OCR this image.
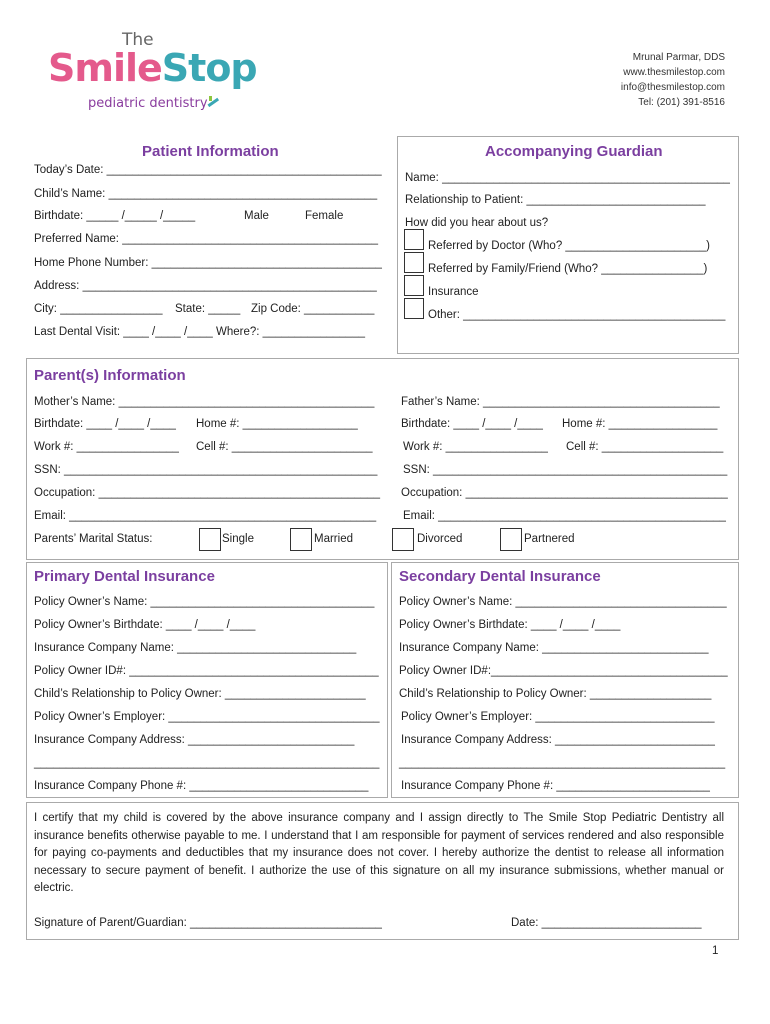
The
SmileStop
pediatric dentistry
Mrunal Parmar, DDS
www.thesmilestop.com
info@thesmilestop.com
Tel: (201) 391-8516
Patient Information
Today’s Date: ___________________________________________
Child’s Name: __________________________________________
Birthdate: _____ /_____ /_____	Male	Female
Preferred Name: ________________________________________
Home Phone Number: ____________________________________
Address: ______________________________________________
City: ________________ State: _____ Zip Code: ___________
Last Dental Visit: ____ /____ /____ Where?: ________________
Accompanying Guardian
Name: _____________________________________________
Relationship to Patient: ____________________________
How did you hear about us?
Referred by Doctor (Who? ______________________)
Referred by Family/Friend (Who? ________________)
Insurance
Other: _________________________________________
Parent(s) Information
Mother’s Name: ________________________________________ Father’s Name: _____________________________________
Birthdate: ____ /____ /____ Home #: __________________	Birthdate: ____ /____ /____ Home #: _________________
Work #: ________________ Cell #: ______________________	Work #: ________________ Cell #: ___________________
SSN: _________________________________________________ SSN: ______________________________________________
Occupation: ____________________________________________ Occupation: _________________________________________
Email: ________________________________________________ Email: _____________________________________________
Parents’ Marital Status:	Single	Married	Divorced	Partnered
Primary Dental Insurance
Policy Owner’s Name: ___________________________________
Policy Owner’s Birthdate: ____ /____ /____
Insurance Company Name: ____________________________
Policy Owner ID#: _______________________________________
Child’s Relationship to Policy Owner: ______________________
Policy Owner’s Employer: _________________________________
Insurance Company Address: __________________________
______________________________________________________
Insurance Company Phone #: ____________________________
Secondary Dental Insurance
Policy Owner’s Name: _________________________________
Policy Owner’s Birthdate: ____ /____ /____
Insurance Company Name: __________________________
Policy Owner ID#:_____________________________________
Child’s Relationship to Policy Owner: ___________________
Policy Owner’s Employer: ____________________________
Insurance Company Address: _________________________
___________________________________________________
Insurance Company Phone #: ________________________
I certify that my child is covered by the above insurance company and I assign directly to The Smile Stop Pediatric Dentistry all insurance benefits otherwise payable to me. I understand that I am responsible for payment of services rendered and also responsible for paying co-payments and deductibles that my insurance does not cover. I hereby authorize the dentist to release all information necessary to secure payment of benefit. I authorize the use of this signature on all my insurance submissions, whether manual or electric.
Signature of Parent/Guardian: ______________________________	Date: _________________________
1
